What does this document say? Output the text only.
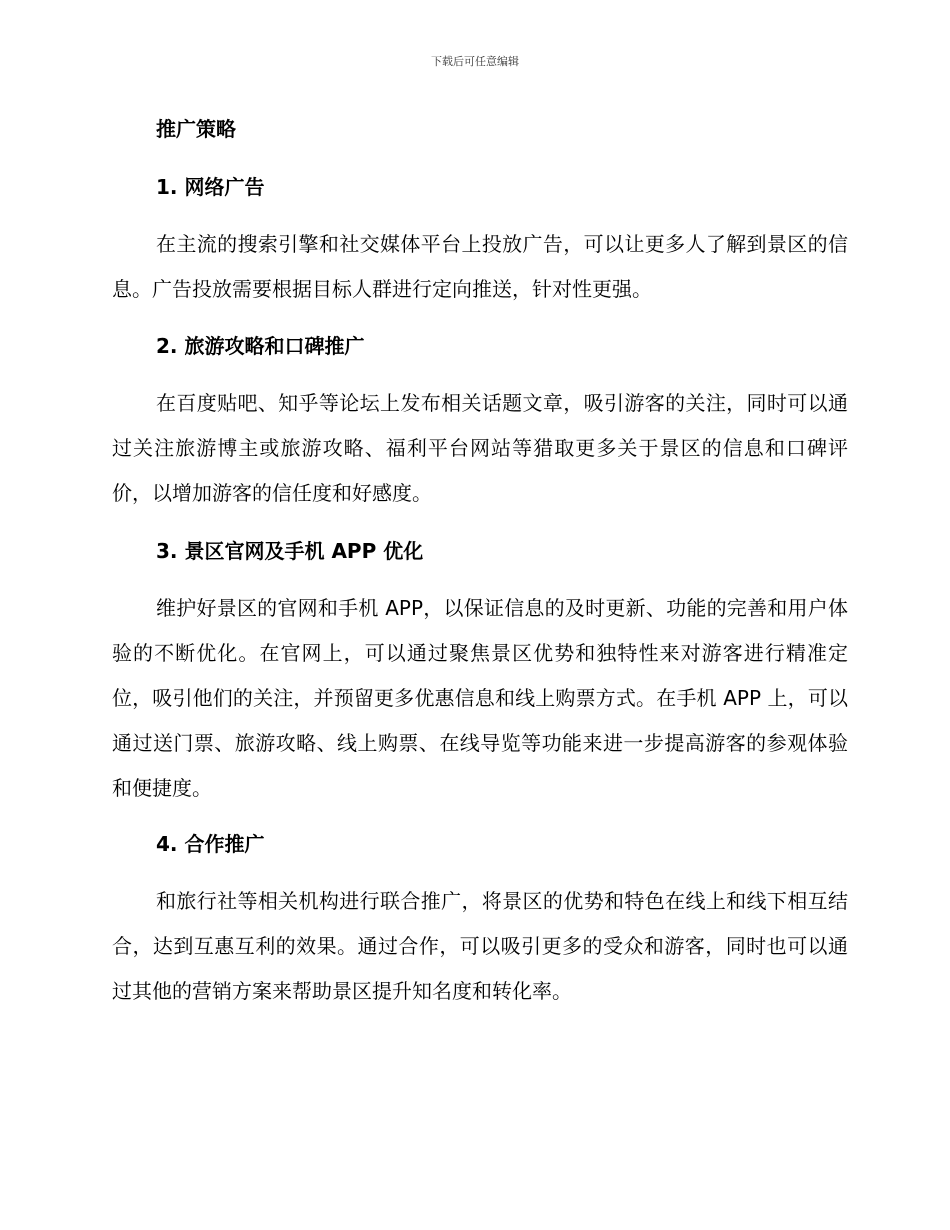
下载后可任意编辑
推广策略
1. 网络广告
在主流的搜索引擎和社交媒体平台上投放广告，可以让更多人了解到景区的信息。广告投放需要根据目标人群进行定向推送，针对性更强。
2. 旅游攻略和口碑推广
在百度贴吧、知乎等论坛上发布相关话题文章，吸引游客的关注，同时可以通过关注旅游博主或旅游攻略、福利平台网站等猎取更多关于景区的信息和口碑评价，以增加游客的信任度和好感度。
3. 景区官网及手机 APP 优化
维护好景区的官网和手机 APP，以保证信息的及时更新、功能的完善和用户体验的不断优化。在官网上，可以通过聚焦景区优势和独特性来对游客进行精准定位，吸引他们的关注，并预留更多优惠信息和线上购票方式。在手机 APP 上，可以通过送门票、旅游攻略、线上购票、在线导览等功能来进一步提高游客的参观体验和便捷度。
4. 合作推广
和旅行社等相关机构进行联合推广，将景区的优势和特色在线上和线下相互结合，达到互惠互利的效果。通过合作，可以吸引更多的受众和游客，同时也可以通过其他的营销方案来帮助景区提升知名度和转化率。
